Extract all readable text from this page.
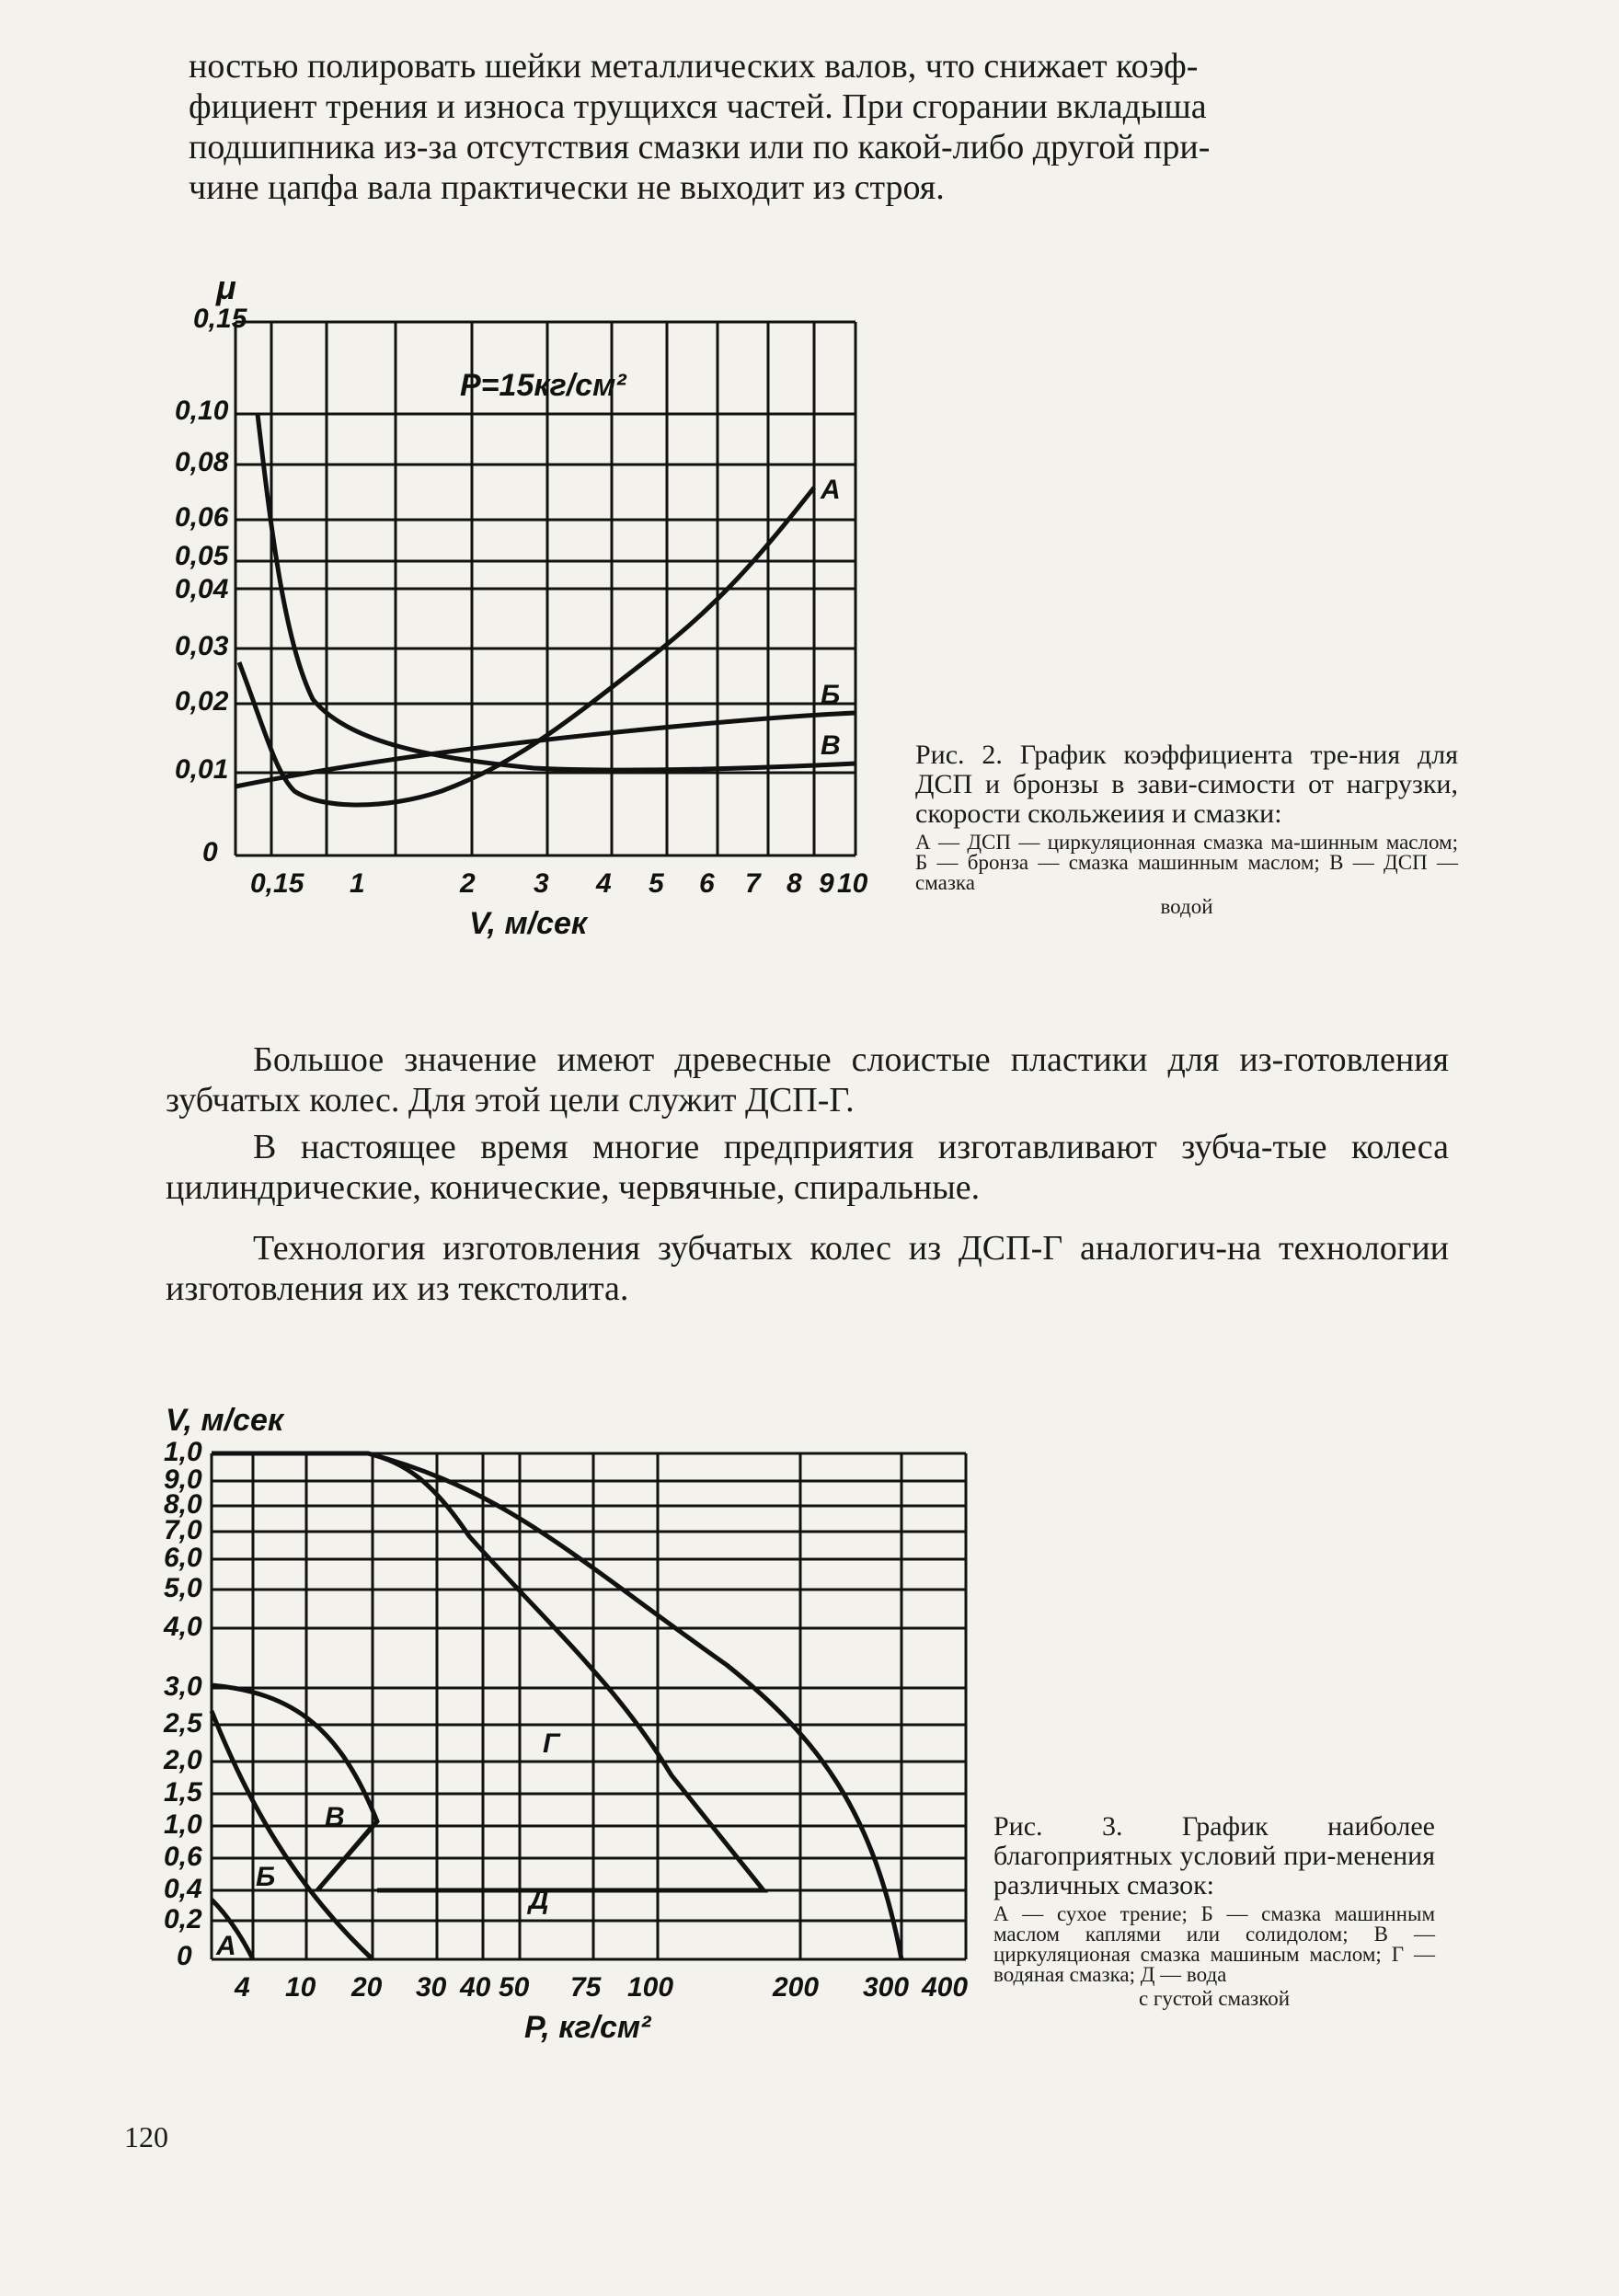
ностью полировать шейки металлических валов, что снижает коэф-
фициент трения и износа трущихся частей. При сгорании вкладыша
подшипника из-за отсутствия смазки или по какой-либо другой при-
чине цапфа вала практически не выходит из строя.
0,15
0,10
0,08
0,06
0,05
0,04
0,03
0,02
0,01
0
μ
0,15 1	2 3 4 5 6 7 8 9 10
V, м/сек
P=15кг/см²
А
Б
В	Рис. 2. График коэффициента тре-ния для ДСП и бронзы в зави-симости от нагрузки, скорости скольжеиия и смазки:
А — ДСП — циркуляционная смазка ма-шинным маслом; Б — бронза — смазка машинным маслом; В — ДСП — смазка
водой

Большое значение имеют древесные слоистые пластики для из-готовления зубчатых колес. Для этой цели служит ДСП-Г.

В настоящее время многие предприятия изготавливают зубча-тые колеса цилиндрические, конические, червячные, спиральные.

Технология изготовления зубчатых колес из ДСП-Г аналогич-на технологии изготовления их из текстолита.

1,0
9,0
8,0
7,0
6,0
5,0
4,0
3,0
2,5
2,0
1,5
1,0
0,6
0,4
0,2
0
V, м/сек
4 10 20 30 40 50 75 100	200 300 400
P, кг/см²
А
Б
В
Г
Д
Рис. 3. График наиболее благоприятных условий при-менения различных смазок:
А — сухое трение; Б — смазка машинным маслом каплями или солидолом; В — циркуляционая смазка машиным маслом; Г — водяная смазка; Д — вода
с густой смазкой
120
